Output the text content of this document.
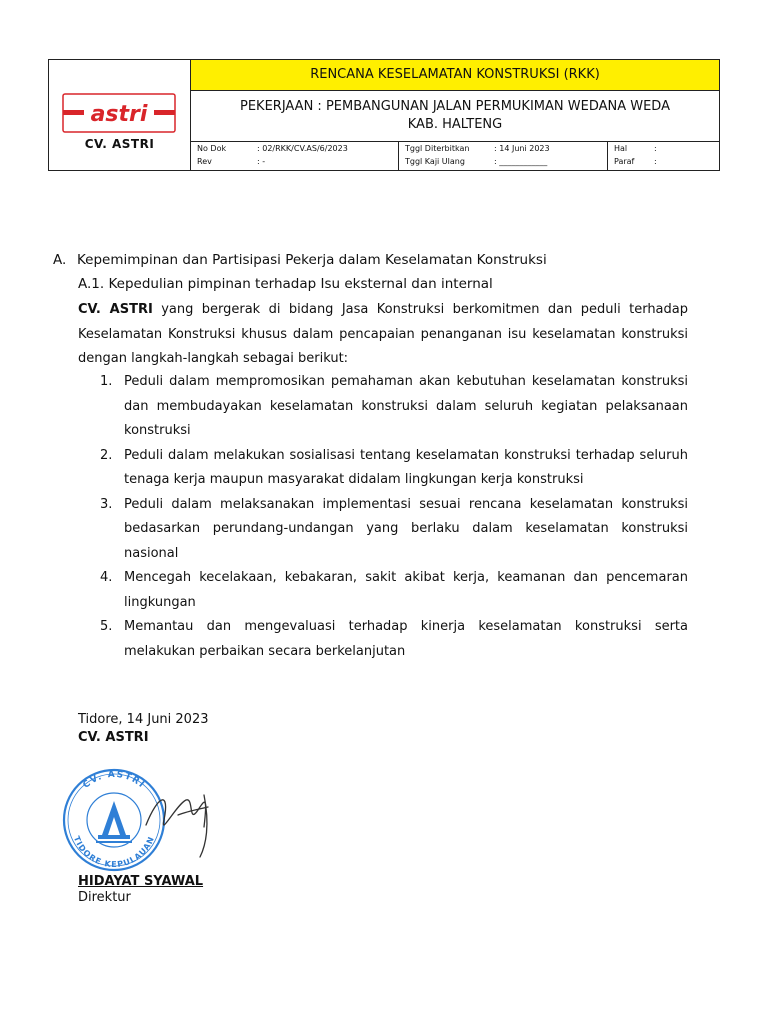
astri
CV. ASTRI
RENCANA KESELAMATAN KONSTRUKSI (RKK)
PEKERJAAN : PEMBANGUNAN JALAN PERMUKIMAN WEDANA WEDA
KAB. HALTENG
No Dok	: 02/RKK/CV.AS/6/2023
Rev	: -
Tggl Diterbitkan	: 14 Juni 2023
Tggl Kaji Ulang	: ____________
Hal	:
Paraf :
A. Kepemimpinan dan Partisipasi Pekerja dalam Keselamatan Konstruksi
A.1. Kepedulian pimpinan terhadap Isu eksternal dan internal
CV. ASTRI yang bergerak di bidang Jasa Konstruksi berkomitmen dan peduli terhadap Keselamatan Konstruksi khusus dalam pencapaian penanganan isu keselamatan konstruksi dengan langkah-langkah sebagai berikut:
1. Peduli dalam mempromosikan pemahaman akan kebutuhan keselamatan konstruksi dan membudayakan keselamatan konstruksi dalam seluruh kegiatan pelaksanaan konstruksi
2. Peduli dalam melakukan sosialisasi tentang keselamatan konstruksi terhadap seluruh tenaga kerja maupun masyarakat didalam lingkungan kerja konstruksi
3. Peduli dalam melaksanakan implementasi sesuai rencana keselamatan konstruksi bedasarkan perundang-undangan yang berlaku dalam keselamatan konstruksi nasional
4. Mencegah kecelakaan, kebakaran, sakit akibat kerja, keamanan dan pencemaran lingkungan
5. Memantau dan mengevaluasi terhadap kinerja keselamatan konstruksi serta melakukan perbaikan secara berkelanjutan
Tidore, 14 Juni 2023
CV. ASTRI
CV. ASTRI
TIDORE KEPULAUAN
HIDAYAT SYAWAL
Direktur
